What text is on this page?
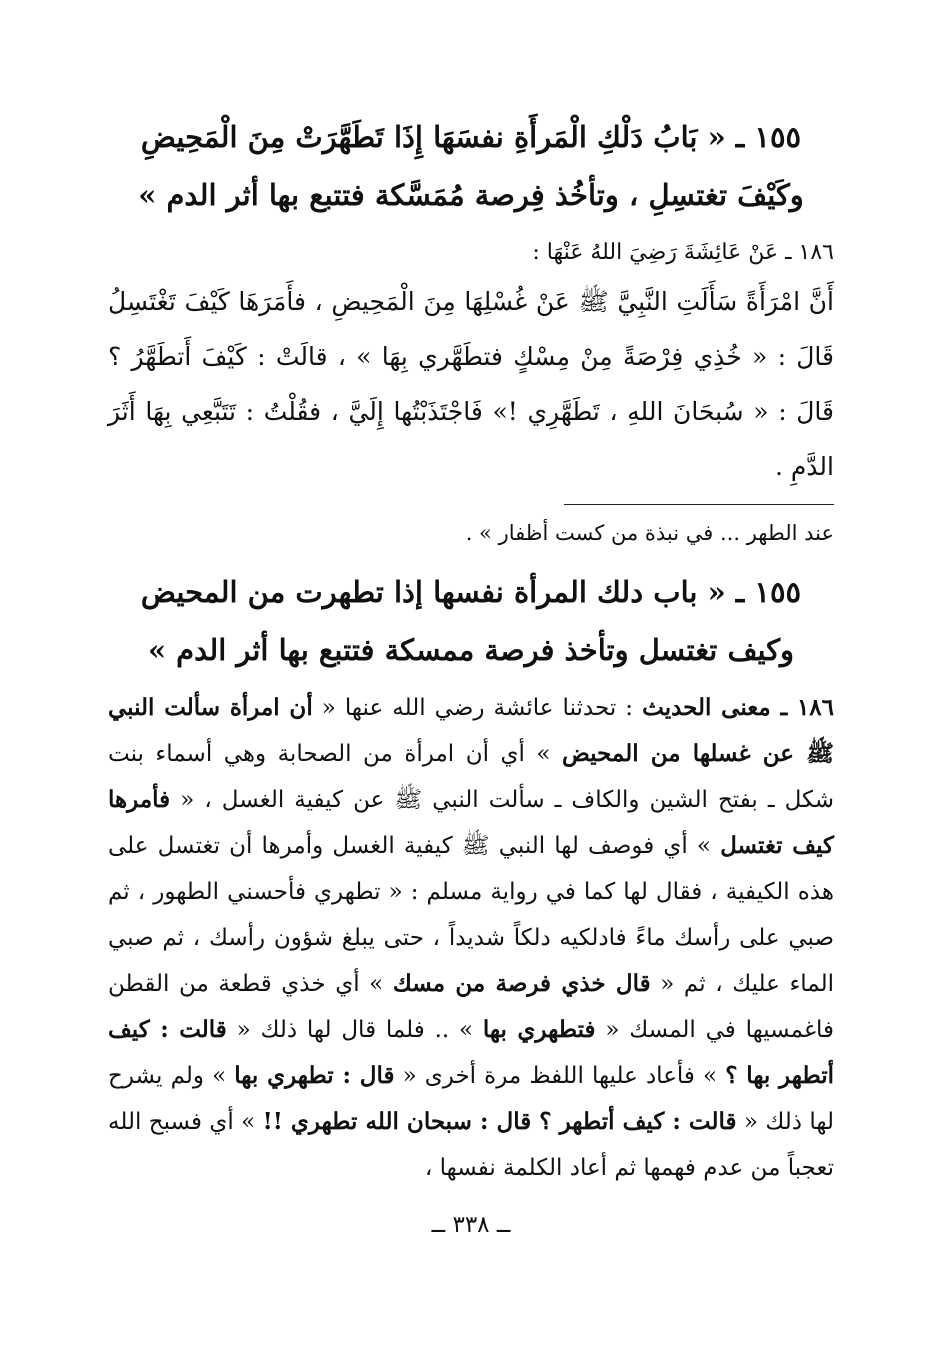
١٥٥ ـ « بَابُ دَلْكِ الْمَرأَةِ نفسَهَا إِذَا تَطَهَّرَتْ مِنَ الْمَحِيضِ
وكَيْفَ تغتسِلِ ، وتأخُذ فِرصة مُمَسَّكة فتتبع بها أثر الدم »

١٨٦ ـ عَنْ عَائِشَةَ رَضِيَ اللهُ عَنْهَا :

أَنَّ امْرَأَةً سَأَلَتِ النَّبِيَّ ﷺ عَنْ غُسْلِهَا مِنَ الْمَحِيضِ ، فأَمَرَهَا كَيْفَ تَغْتَسِلُ قَالَ : « خُذِي فِرْصَةً مِنْ مِسْكٍ فتطَهَّري بِهَا » ، قالَتْ : كَيْفَ أَتطَهَّرُ ؟ قَالَ : « سُبحَانَ اللهِ ، تَطَهَّرِي !» فَاجْتَذَبْتُها إِلَيَّ ، فقُلْتُ : تَتَبَّعِي بِهَا أَثَرَ الدَّمِ .

عند الطهر ... في نبذة من كست أظفار » .

١٥٥ ـ « باب دلك المرأة نفسها إذا تطهرت من المحيض
وكيف تغتسل وتأخذ فرصة ممسكة فتتبع بها أثر الدم »

١٨٦ ـ معنى الحديث : تحدثنا عائشة رضي الله عنها « أن امرأة سألت النبي ﷺ عن غسلها من المحيض » أي أن امرأة من الصحابة وهي أسماء بنت شكل ـ بفتح الشين والكاف ـ سألت النبي ﷺ عن كيفية الغسل ، « فأمرها كيف تغتسل » أي فوصف لها النبي ﷺ كيفية الغسل وأمرها أن تغتسل على هذه الكيفية ، فقال لها كما في رواية مسلم : « تطهري فأحسني الطهور ، ثم صبي على رأسك ماءً فادلكيه دلكاً شديداً ، حتى يبلغ شؤون رأسك ، ثم صبي الماء عليك ، ثم « قال خذي فرصة من مسك » أي خذي قطعة من القطن فاغمسيها في المسك « فتطهري بها » .. فلما قال لها ذلك « قالت : كيف أتطهر بها ؟ » فأعاد عليها اللفظ مرة أخرى « قال : تطهري بها » ولم يشرح لها ذلك « قالت : كيف أتطهر ؟ قال : سبحان الله تطهري !! » أي فسبح الله تعجباً من عدم فهمها ثم أعاد الكلمة نفسها ،

ــ ٣٣٨ ــ
